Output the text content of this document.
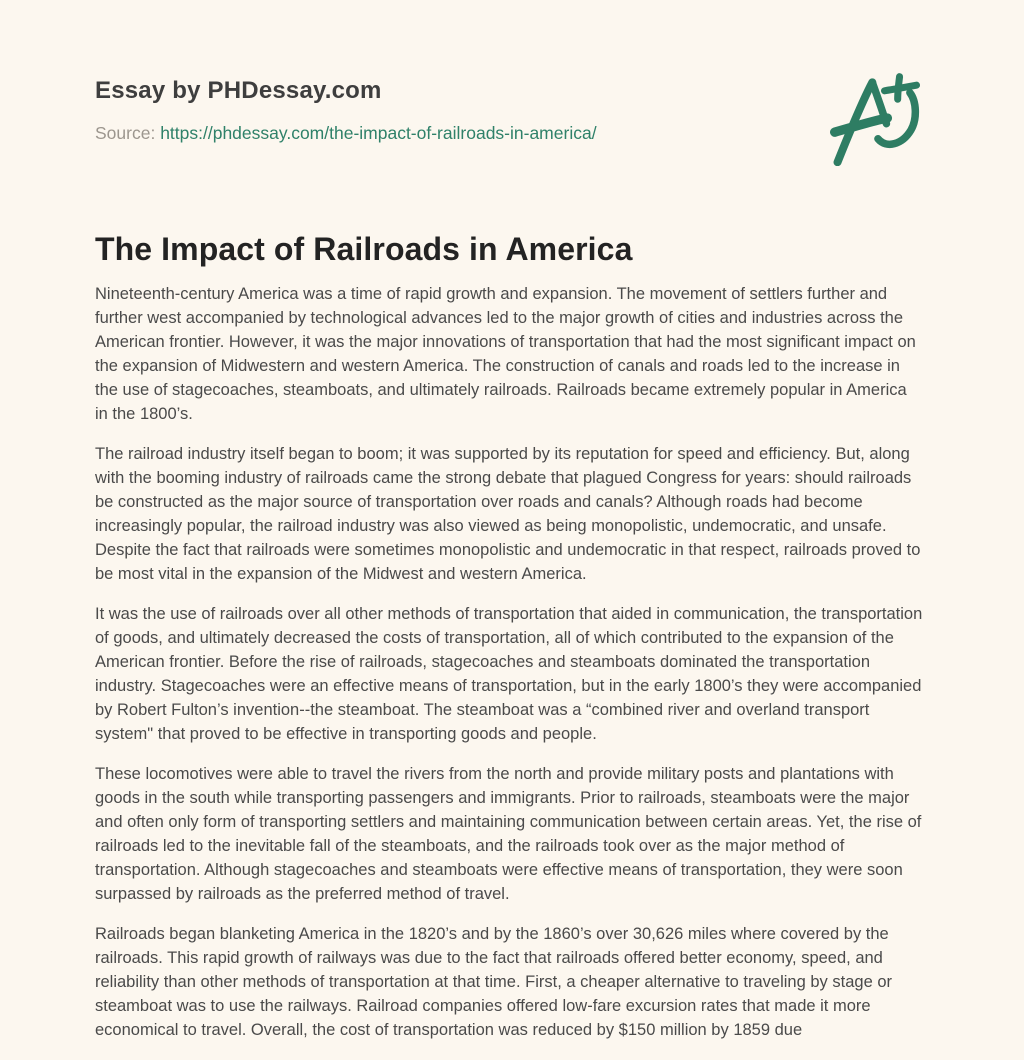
Essay by PHDessay.com

Source: https://phdessay.com/the-impact-of-railroads-in-america/

The Impact of Railroads in America

Nineteenth-century America was a time of rapid growth and expansion. The movement of settlers further and further west accompanied by technological advances led to the major growth of cities and industries across the American frontier. However, it was the major innovations of transportation that had the most significant impact on the expansion of Midwestern and western America. The construction of canals and roads led to the increase in the use of stagecoaches, steamboats, and ultimately railroads. Railroads became extremely popular in America in the 1800’s.

The railroad industry itself began to boom; it was supported by its reputation for speed and efficiency. But, along with the booming industry of railroads came the strong debate that plagued Congress for years: should railroads be constructed as the major source of transportation over roads and canals? Although roads had become increasingly popular, the railroad industry was also viewed as being monopolistic, undemocratic, and unsafe. Despite the fact that railroads were sometimes monopolistic and undemocratic in that respect, railroads proved to be most vital in the expansion of the Midwest and western America.

It was the use of railroads over all other methods of transportation that aided in communication, the transportation of goods, and ultimately decreased the costs of transportation, all of which contributed to the expansion of the American frontier. Before the rise of railroads, stagecoaches and steamboats dominated the transportation industry. Stagecoaches were an effective means of transportation, but in the early 1800’s they were accompanied by Robert Fulton’s invention--the steamboat. The steamboat was a “combined river and overland transport system" that proved to be effective in transporting goods and people.

These locomotives were able to travel the rivers from the north and provide military posts and plantations with goods in the south while transporting passengers and immigrants. Prior to railroads, steamboats were the major and often only form of transporting settlers and maintaining communication between certain areas. Yet, the rise of railroads led to the inevitable fall of the steamboats, and the railroads took over as the major method of transportation. Although stagecoaches and steamboats were effective means of transportation, they were soon surpassed by railroads as the preferred method of travel.

Railroads began blanketing America in the 1820’s and by the 1860’s over 30,626 miles where covered by the railroads. This rapid growth of railways was due to the fact that railroads offered better economy, speed, and reliability than other methods of transportation at that time. First, a cheaper alternative to traveling by stage or steamboat was to use the railways. Railroad companies offered low-fare excursion rates that made it more economical to travel. Overall, the cost of transportation was reduced by $150 million by 1859 due
